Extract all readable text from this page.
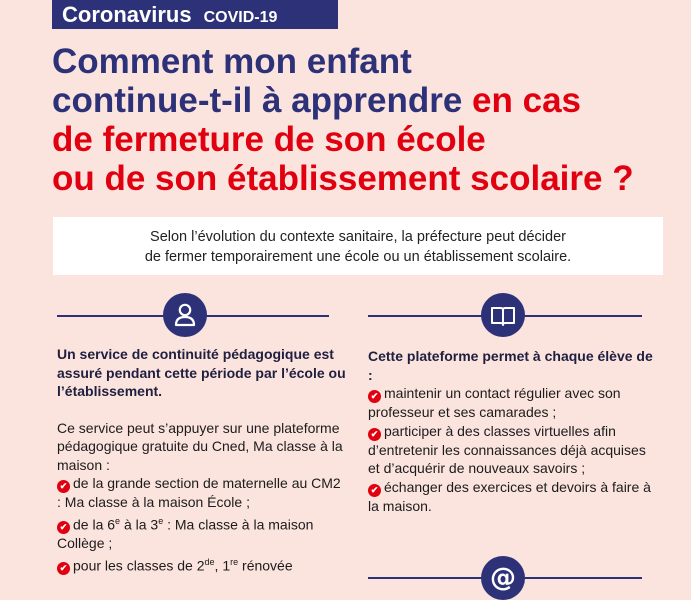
Coronavirus COVID-19
Comment mon enfant
continue-t-il à apprendre en cas
de fermeture de son école
ou de son établissement scolaire ?
Selon l’évolution du contexte sanitaire, la préfecture peut décider
de fermer temporairement une école ou un établissement scolaire.

Un service de continuité pédagogique est assuré pendant cette période par l’école ou l’établissement.

Ce service peut s’appuyer sur une plateforme pédagogique gratuite du Cned, Ma classe à la maison :

✔ de la grande section de maternelle au CM2 : Ma classe à la maison École ;

✔ de la 6e à la 3e : Ma classe à la maison Collège ;

✔ pour les classes de 2de, 1re rénovée

Cette plateforme permet à chaque élève de :

✔ maintenir un contact régulier avec son professeur et ses camarades ;

✔ participer à des classes virtuelles afin d’entretenir les connaissances déjà acquises et d’acquérir de nouveaux savoirs ;

✔ échanger des exercices et devoirs à faire à la maison.

@
